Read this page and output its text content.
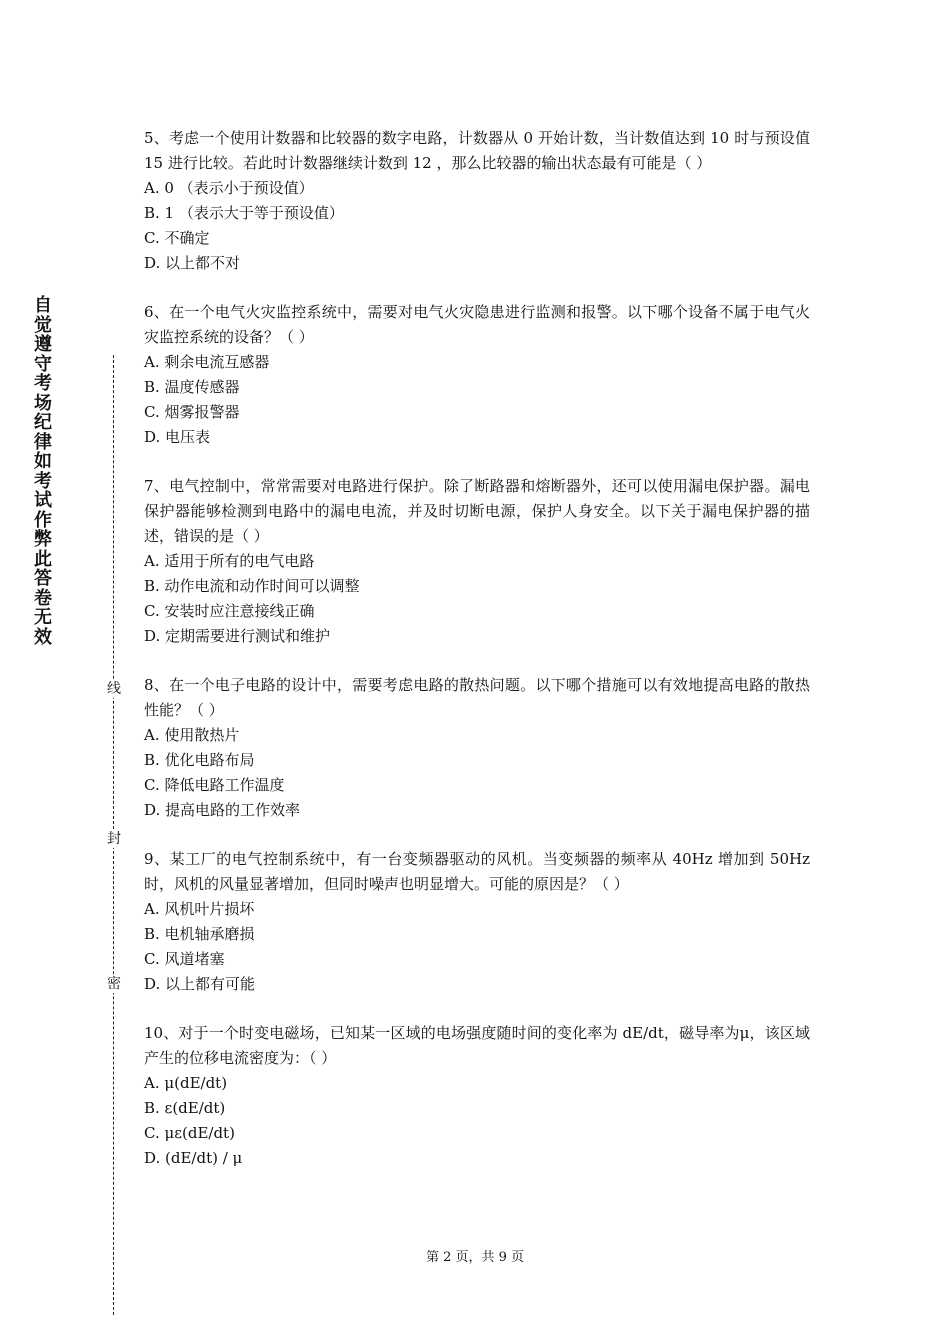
自觉遵守考场纪律如考试作弊此答卷无效
线
封
密

5、考虑一个使用计数器和比较器的数字电路，计数器从 0 开始计数，当计数值达到 10 时与预设值 15 进行比较。若此时计数器继续计数到 12 ，那么比较器的输出状态最有可能是（ ）

A. 0 （表示小于预设值）

B. 1 （表示大于等于预设值）

C. 不确定

D. 以上都不对

6、在一个电气火灾监控系统中，需要对电气火灾隐患进行监测和报警。以下哪个设备不属于电气火灾监控系统的设备？（ ）

A. 剩余电流互感器

B. 温度传感器

C. 烟雾报警器

D. 电压表

7、电气控制中，常常需要对电路进行保护。除了断路器和熔断器外，还可以使用漏电保护器。漏电保护器能够检测到电路中的漏电电流，并及时切断电源，保护人身安全。以下关于漏电保护器的描述，错误的是（ ）

A. 适用于所有的电气电路

B. 动作电流和动作时间可以调整

C. 安装时应注意接线正确

D. 定期需要进行测试和维护

8、在一个电子电路的设计中，需要考虑电路的散热问题。以下哪个措施可以有效地提高电路的散热性能？（ ）

A. 使用散热片

B. 优化电路布局

C. 降低电路工作温度

D. 提高电路的工作效率

9、某工厂的电气控制系统中，有一台变频器驱动的风机。当变频器的频率从 40Hz 增加到 50Hz 时，风机的风量显著增加，但同时噪声也明显增大。可能的原因是？（ ）

A. 风机叶片损坏

B. 电机轴承磨损

C. 风道堵塞

D. 以上都有可能

10、对于一个时变电磁场，已知某一区域的电场强度随时间的变化率为 dE/dt，磁导率为μ，该区域产生的位移电流密度为：（ ）

A. μ(dE/dt)

B. ε(dE/dt)

C. με(dE/dt)

D. (dE/dt) / μ

第 2 页，共 9 页
